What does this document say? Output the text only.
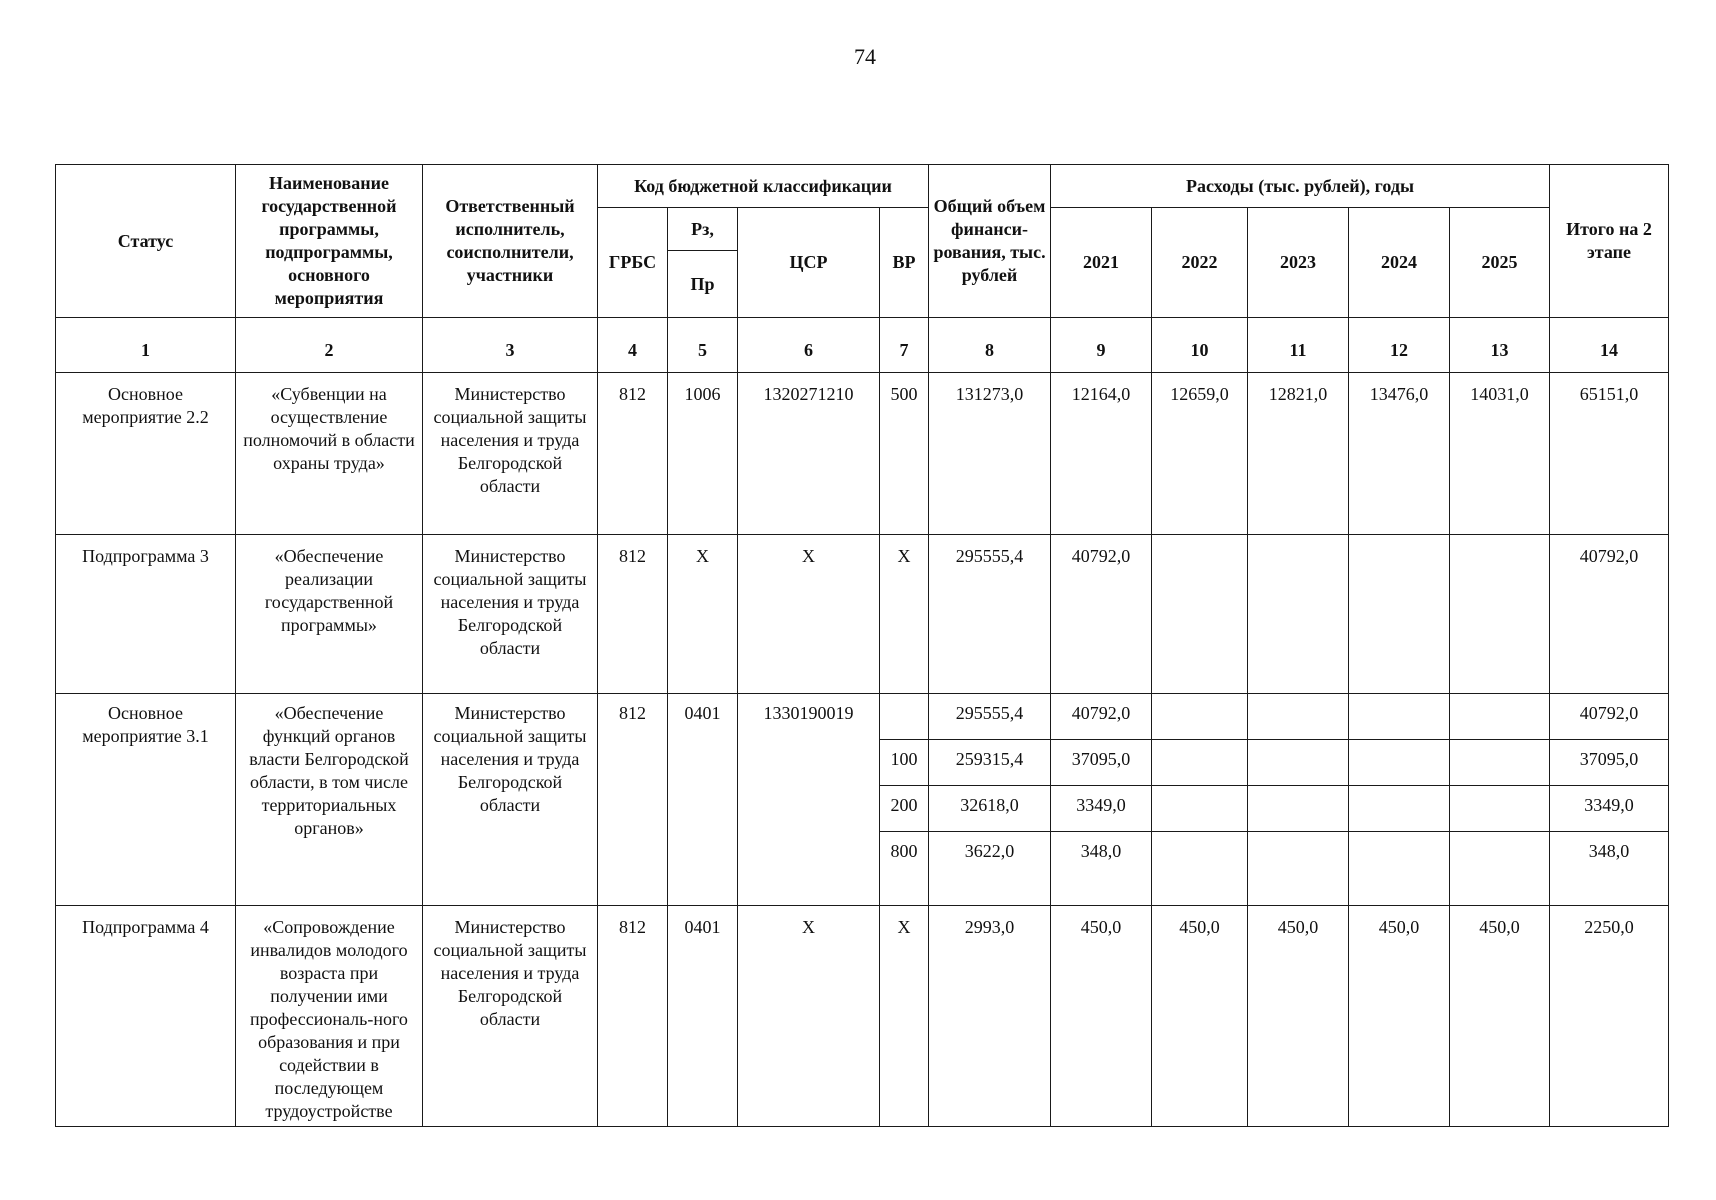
74
Статус	Наименование государственной программы, подпрограммы, основного мероприятия	Ответственный исполнитель, соисполнители, участники	Код бюджетной классификации				Общий объем финанси-рования, тыс. рублей	Расходы (тыс. рублей), годы					Итого на 2 этапе
			ГРБС	Рз,	ЦСР	ВР		2021	2022	2023	2024	2025	
				Пр									
1	2	3	4	5	6	7	8	9	10	11	12	13	14
Основное мероприятие 2.2	«Субвенции на осуществление полномочий в области охраны труда»	Министерство социальной защиты населения и труда Белгородской области	812	1006	1320271210	500	131273,0	12164,0	12659,0	12821,0	13476,0	14031,0	65151,0
Подпрограмма 3	«Обеспечение реализации государственной программы»	Министерство социальной защиты населения и труда Белгородской области	812	Х	Х	Х	295555,4	40792,0					40792,0
Основное мероприятие 3.1	«Обеспечение функций органов власти Белгородской области, в том числе территориальных органов»	Министерство социальной защиты населения и труда Белгородской области	812	0401	1330190019		295555,4	40792,0					40792,0
						100	259315,4	37095,0					37095,0
						200	32618,0	3349,0					3349,0
						800	3622,0	348,0					348,0
Подпрограмма 4	«Сопровождение инвалидов молодого возраста при получении ими профессиональ-ного образования и при содействии в последующем трудоустройстве	Министерство социальной защиты населения и труда Белгородской области	812	0401	Х	Х	2993,0	450,0	450,0	450,0	450,0	450,0	2250,0
